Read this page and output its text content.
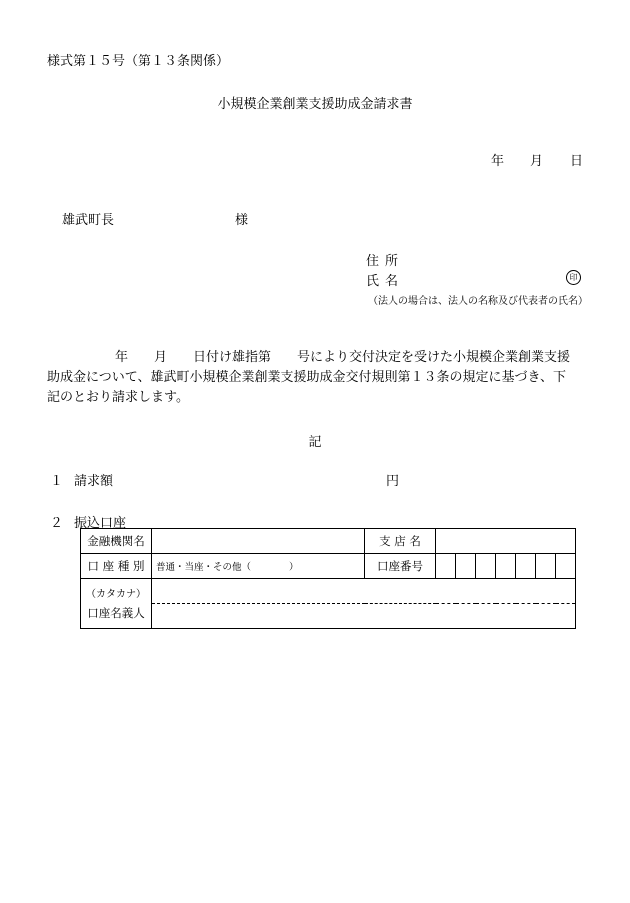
様式第１５号（第１３条関係）
小規模企業創業支援助成金請求書
年 月 日
雄武町長	様
住所
氏名	印
（法人の場合は、法人の名称及び代表者の氏名）
年　　月　　日付け雄指第　　号により交付決定を受けた小規模企業創業支援
助成金について、雄武町小規模企業創業支援助成金交付規則第１３条の規定に基づき、下
記のとおり請求します。
記
１ 請求額	円
２ 振込口座
金融機関名		支 店 名							
口 座 種 別	普通・当座・その他（　　　　）	口座番号							

（カタカナ）
口座名義人									
